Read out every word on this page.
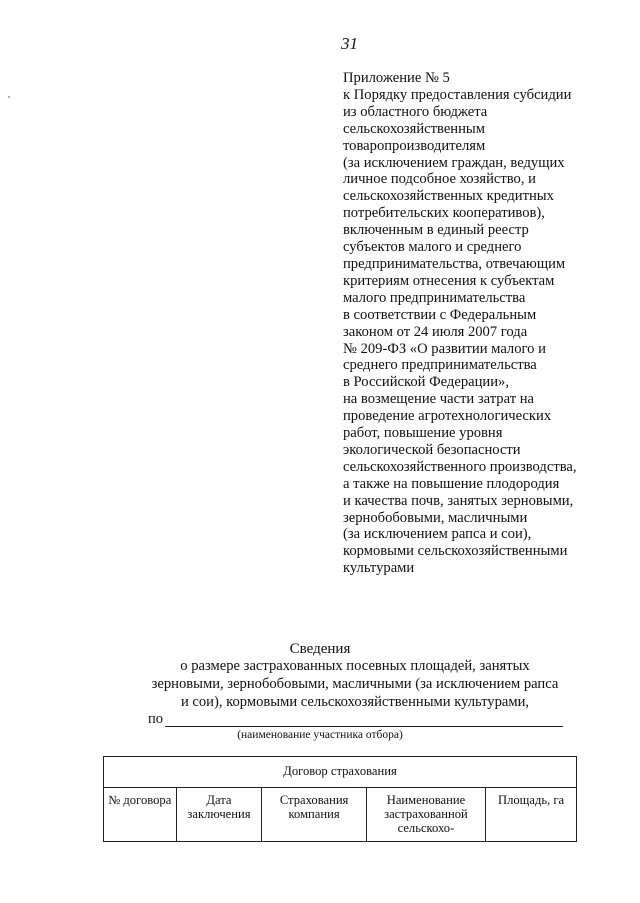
31
Приложение № 5
к Порядку предоставления субсидии
из областного бюджета
сельскохозяйственным
товаропроизводителям
(за исключением граждан, ведущих
личное подсобное хозяйство, и
сельскохозяйственных кредитных
потребительских кооперативов),
включенным в единый реестр
субъектов малого и среднего
предпринимательства, отвечающим
критериям отнесения к субъектам
малого предпринимательства
в соответствии с Федеральным
законом от 24 июля 2007 года
№ 209-ФЗ «О развитии малого и
среднего предпринимательства
в Российской Федерации»,
на возмещение части затрат на
проведение агротехнологических
работ, повышение уровня
экологической безопасности
сельскохозяйственного производства,
а также на повышение плодородия
и качества почв, занятых зерновыми,
зернобобовыми, масличными
(за исключением рапса и сои),
кормовыми сельскохозяйственными
культурами
Сведения
о размере застрахованных посевных площадей, занятых
зерновыми, зернобобовыми, масличными (за исключением рапса
и сои), кормовыми сельскохозяйственными культурами,
по
(наименование участника отбора)
Договор страхования
№ договора	Дата заключения	Страхования компания	Наименование застрахованной сельскохо-	Площадь, га
